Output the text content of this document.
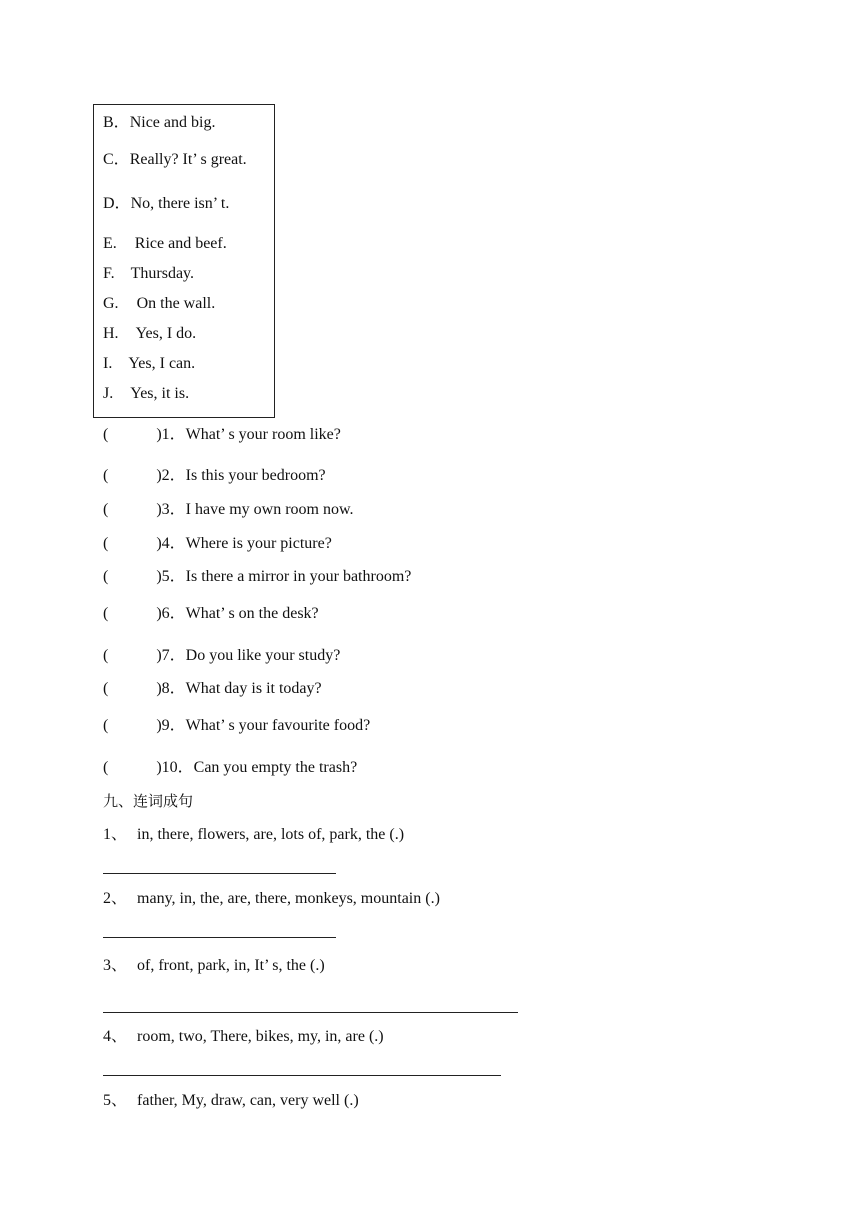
B．Nice and big.
C．Really? It’ s great.
D．No, there isn’ t.
E. Rice and beef.
F. Thursday.
G. On the wall.
H. Yes, I do.
I. Yes, I can.
J. Yes, it is.
(	)1．What’ s your room like?
(	)2．Is this your bedroom?
(	)3．I have my own room now.
(	)4．Where is your picture?
(	)5．Is there a mirror in your bathroom?
(	)6．What’ s on the desk?
(	)7．Do you like your study?
(	)8．What day is it today?
(	)9．What’ s your favourite food?
(	)10．Can you empty the trash?
九、连词成句
1、 in, there, flowers, are, lots of, park, the (.)
2、 many, in, the, are, there, monkeys, mountain (.)
3、 of, front, park, in, It’ s, the (.)
4、 room, two, There, bikes, my, in, are (.)
5、 father, My, draw, can, very well (.)
